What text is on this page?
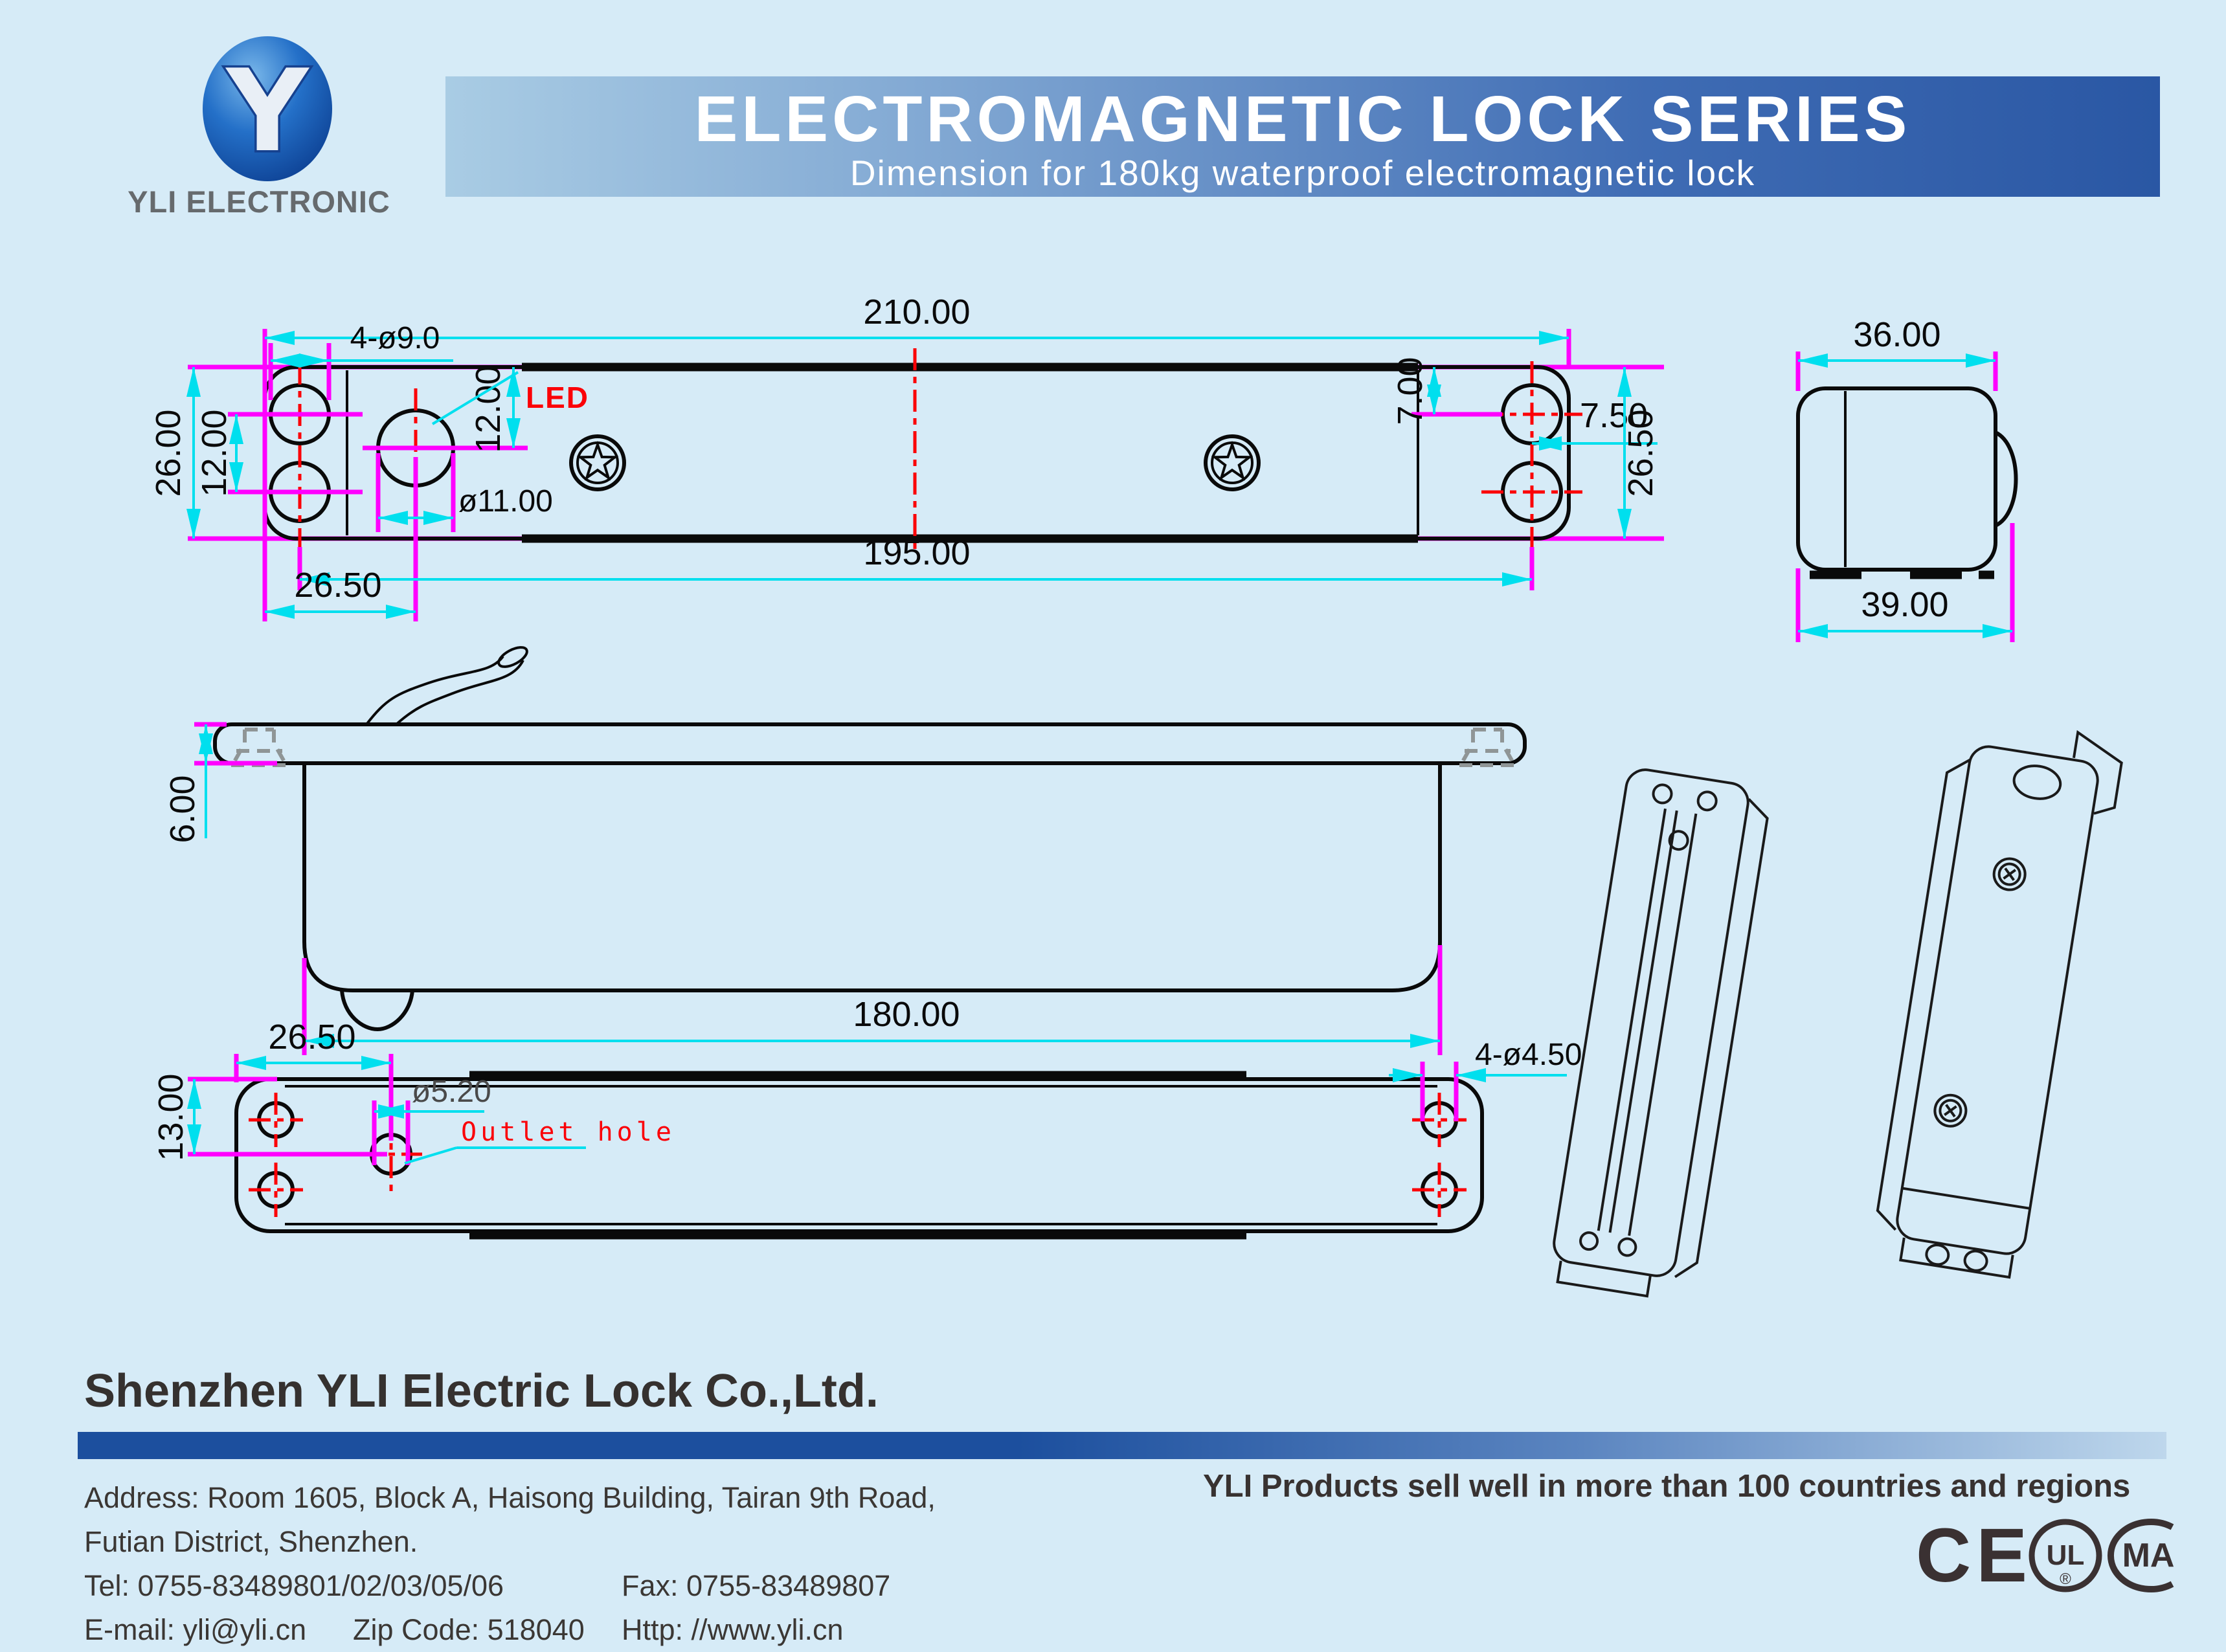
Y
YLI ELECTRONIC
ELECTROMAGNETIC LOCK SERIES
Dimension for 180kg waterproof electromagnetic lock
210.00
4-ø9.0
26.00 12.00
12.00 LED
ø11.00
7.00	7.50
26.50
195.00
26.50
36.00
39.00
6.00
180.00
26.50
13.00	ø5.20
Outlet hole
4-ø4.50
Shenzhen YLI Electric Lock Co.,Ltd.
Address: Room 1605, Block A, Haisong Building, Tairan 9th Road,
Futian District, Shenzhen.
Tel: 0755-83489801/02/03/05/06	Fax: 0755-83489807
E-mail: yli@yli.cn Zip Code: 518040 Http: //www.yli.cn
YLI Products sell well in more than 100 countries and regions
CE UL
®
MA
